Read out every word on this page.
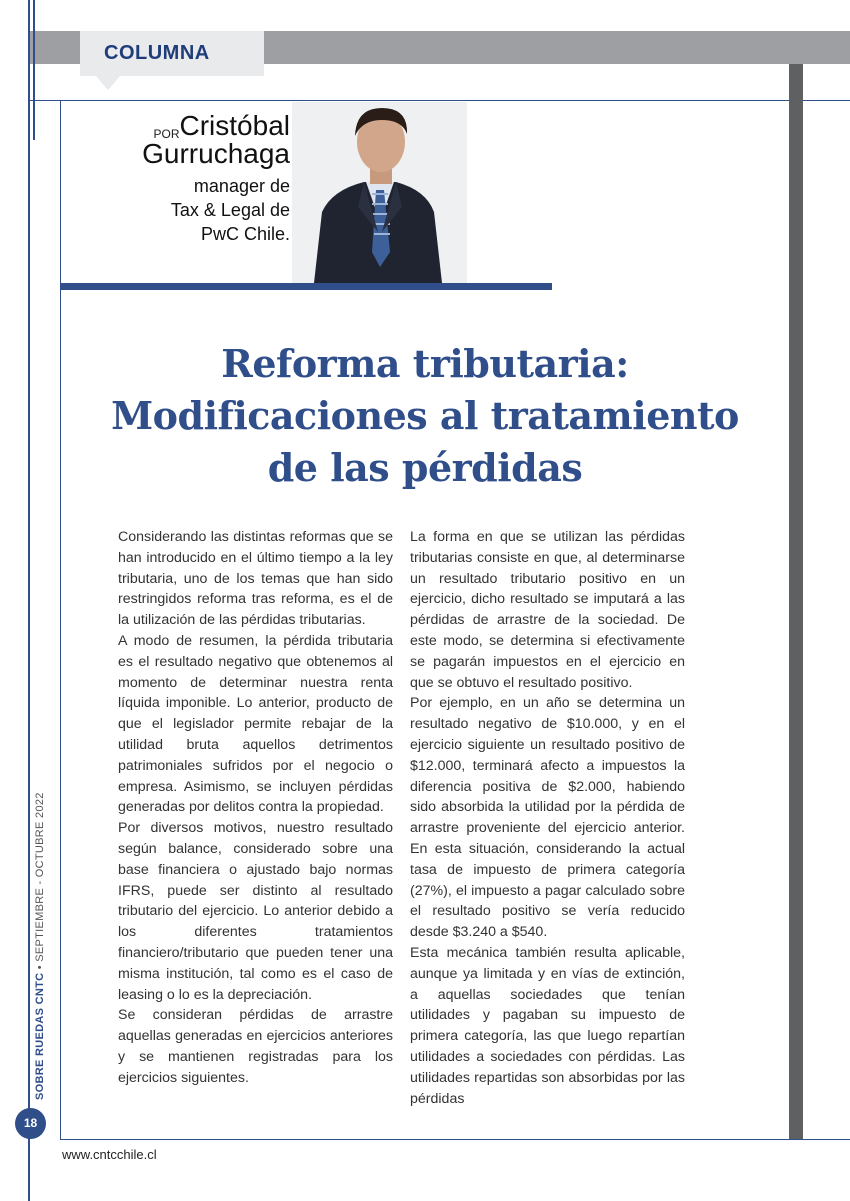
COLUMNA
$^{POR}$Cristóbal
Gurruchaga
manager de
Tax & Legal de
PwC Chile.
Reforma tributaria:
Modificaciones al tratamiento
de las pérdidas

Considerando las distintas reformas que se han introducido en el último tiempo a la ley tributaria, uno de los temas que han sido restringidos reforma tras reforma, es el de la utilización de las pérdidas tributarias.

A modo de resumen, la pérdida tributaria es el resultado negativo que obtenemos al momento de determinar nuestra renta líquida imponible. Lo anterior, producto de que el legislador permite rebajar de la utilidad bruta aquellos detrimentos patrimoniales sufridos por el negocio o empresa. Asimismo, se incluyen pérdidas generadas por delitos contra la propiedad.

Por diversos motivos, nuestro resultado según balance, considerado sobre una base financiera o ajustado bajo normas IFRS, puede ser distinto al resultado tributario del ejercicio. Lo anterior debido a los diferentes tratamientos financiero/tributario que pueden tener una misma institución, tal como es el caso de leasing o lo es la depreciación.

Se consideran pérdidas de arrastre aquellas generadas en ejercicios anteriores y se mantienen registradas para los ejercicios siguientes.

La forma en que se utilizan las pérdidas tributarias consiste en que, al determinarse un resultado tributario positivo en un ejercicio, dicho resultado se imputará a las pérdidas de arrastre de la sociedad. De este modo, se determina si efectivamente se pagarán impuestos en el ejercicio en que se obtuvo el resultado positivo.

Por ejemplo, en un año se determina un resultado negativo de $10.000, y en el ejercicio siguiente un resultado positivo de $12.000, terminará afecto a impuestos la diferencia positiva de $2.000, habiendo sido absorbida la utilidad por la pérdida de arrastre proveniente del ejercicio anterior. En esta situación, considerando la actual tasa de impuesto de primera categoría (27%), el impuesto a pagar calculado sobre el resultado positivo se vería reducido desde $3.240 a $540.

Esta mecánica también resulta aplicable, aunque ya limitada y en vías de extinción, a aquellas sociedades que tenían utilidades y pagaban su impuesto de primera categoría, las que luego repartían utilidades a sociedades con pérdidas. Las utilidades repartidas son absorbidas por las pérdidas

SOBRE RUEDAS CNTC • SEPTIEMBRE - OCTUBRE 2022
18
www.cntcchile.cl
